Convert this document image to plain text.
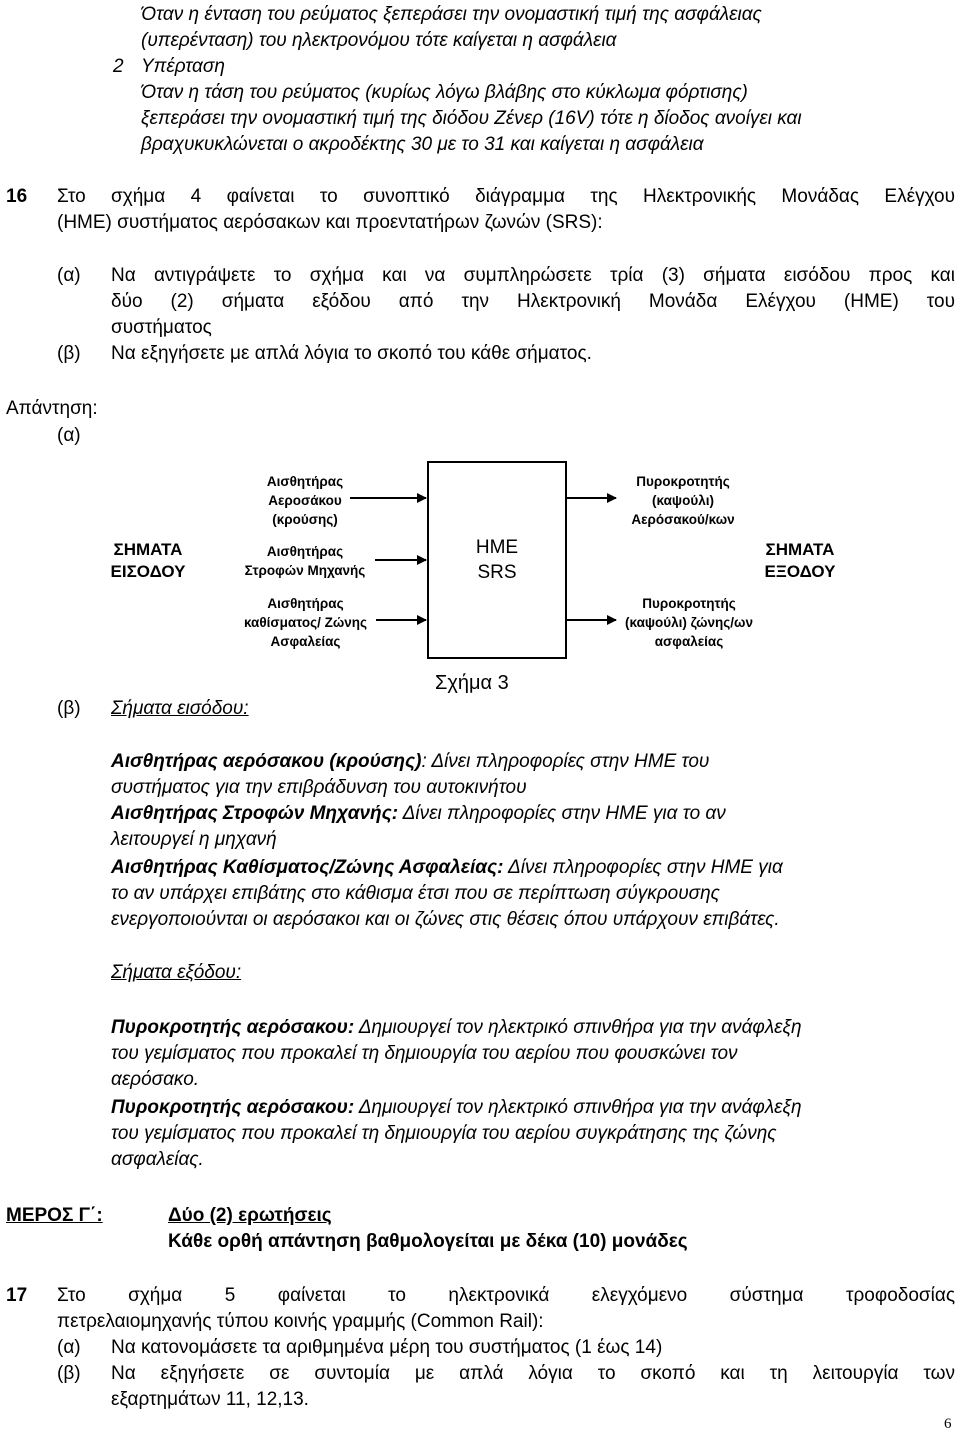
Όταν η ένταση του ρεύματος ξεπεράσει την ονομαστική τιμή της ασφάλειας
(υπερένταση) του ηλεκτρονόμου τότε καίγεται η ασφάλεια
2 Υπέρταση
Όταν η τάση του ρεύματος (κυρίως λόγω βλάβης στο κύκλωμα φόρτισης)
ξεπεράσει την ονομαστική τιμή της διόδου Ζένερ (16V) τότε η δίοδος ανοίγει και
βραχυκυκλώνεται ο ακροδέκτης 30 με το 31 και καίγεται η ασφάλεια
16 Στο σχήμα 4 φαίνεται το συνοπτικό διάγραμμα της Ηλεκτρονικής Μονάδας Ελέγχου
(ΗΜΕ) συστήματος αερόσακων και προεντατήρων ζωνών (SRS):
(α) Να αντιγράψετε το σχήμα και να συμπληρώσετε τρία (3) σήματα εισόδου προς και
δύο (2) σήματα εξόδου από την Ηλεκτρονική Μονάδα Ελέγχου (ΗΜΕ) του
συστήματος
(β) Να εξηγήσετε με απλά λόγια το σκοπό του κάθε σήματος.
Απάντηση:
(α)
ΣΗΜΑΤΑ
ΕΙΣΟΔΟΥ
ΣΗΜΑΤΑ
ΕΞΟΔΟΥ
Αισθητήρας
Αεροσάκου
(κρούσης)
Αισθητήρας
Στροφών Μηχανής
Αισθητήρας
καθίσματος/ Ζώνης
Ασφαλείας
ΗΜΕ
SRS
Πυροκροτητής
(καψούλι)
Αερόσακού/κων
Πυροκροτητής
(καψούλι) ζώνης/ων
ασφαλείας
Σχήμα 3
(β) Σήματα εισόδου:
Αισθητήρας αερόσακου (κρούσης): Δίνει πληροφορίες στην ΗΜΕ του
συστήματος για την επιβράδυνση του αυτοκινήτου
Αισθητήρας Στροφών Μηχανής: Δίνει πληροφορίες στην ΗΜΕ για το αν
λειτουργεί η μηχανή
Αισθητήρας Καθίσματος/Ζώνης Ασφαλείας: Δίνει πληροφορίες στην ΗΜΕ για
το αν υπάρχει επιβάτης στο κάθισμα έτσι που σε περίπτωση σύγκρουσης
ενεργοποιούνται οι αερόσακοι και οι ζώνες στις θέσεις όπου υπάρχουν επιβάτες.
Σήματα εξόδου:
Πυροκροτητής αερόσακου: Δημιουργεί τον ηλεκτρικό σπινθήρα για την ανάφλεξη
του γεμίσματος που προκαλεί τη δημιουργία του αερίου που φουσκώνει τον
αερόσακο.
Πυροκροτητής αερόσακου: Δημιουργεί τον ηλεκτρικό σπινθήρα για την ανάφλεξη
του γεμίσματος που προκαλεί τη δημιουργία του αερίου συγκράτησης της ζώνης
ασφαλείας.
ΜΕΡΟΣ Γ΄:	Δύο (2) ερωτήσεις
Κάθε ορθή απάντηση βαθμολογείται με δέκα (10) μονάδες
17 Στο σχήμα 5 φαίνεται το ηλεκτρονικά ελεγχόμενο σύστημα τροφοδοσίας
πετρελαιομηχανής τύπου κοινής γραμμής (Common Rail):
(α) Να κατονομάσετε τα αριθμημένα μέρη του συστήματος (1 έως 14)
(β) Να εξηγήσετε σε συντομία με απλά λόγια το σκοπό και τη λειτουργία των
εξαρτημάτων 11, 12,13.
6
